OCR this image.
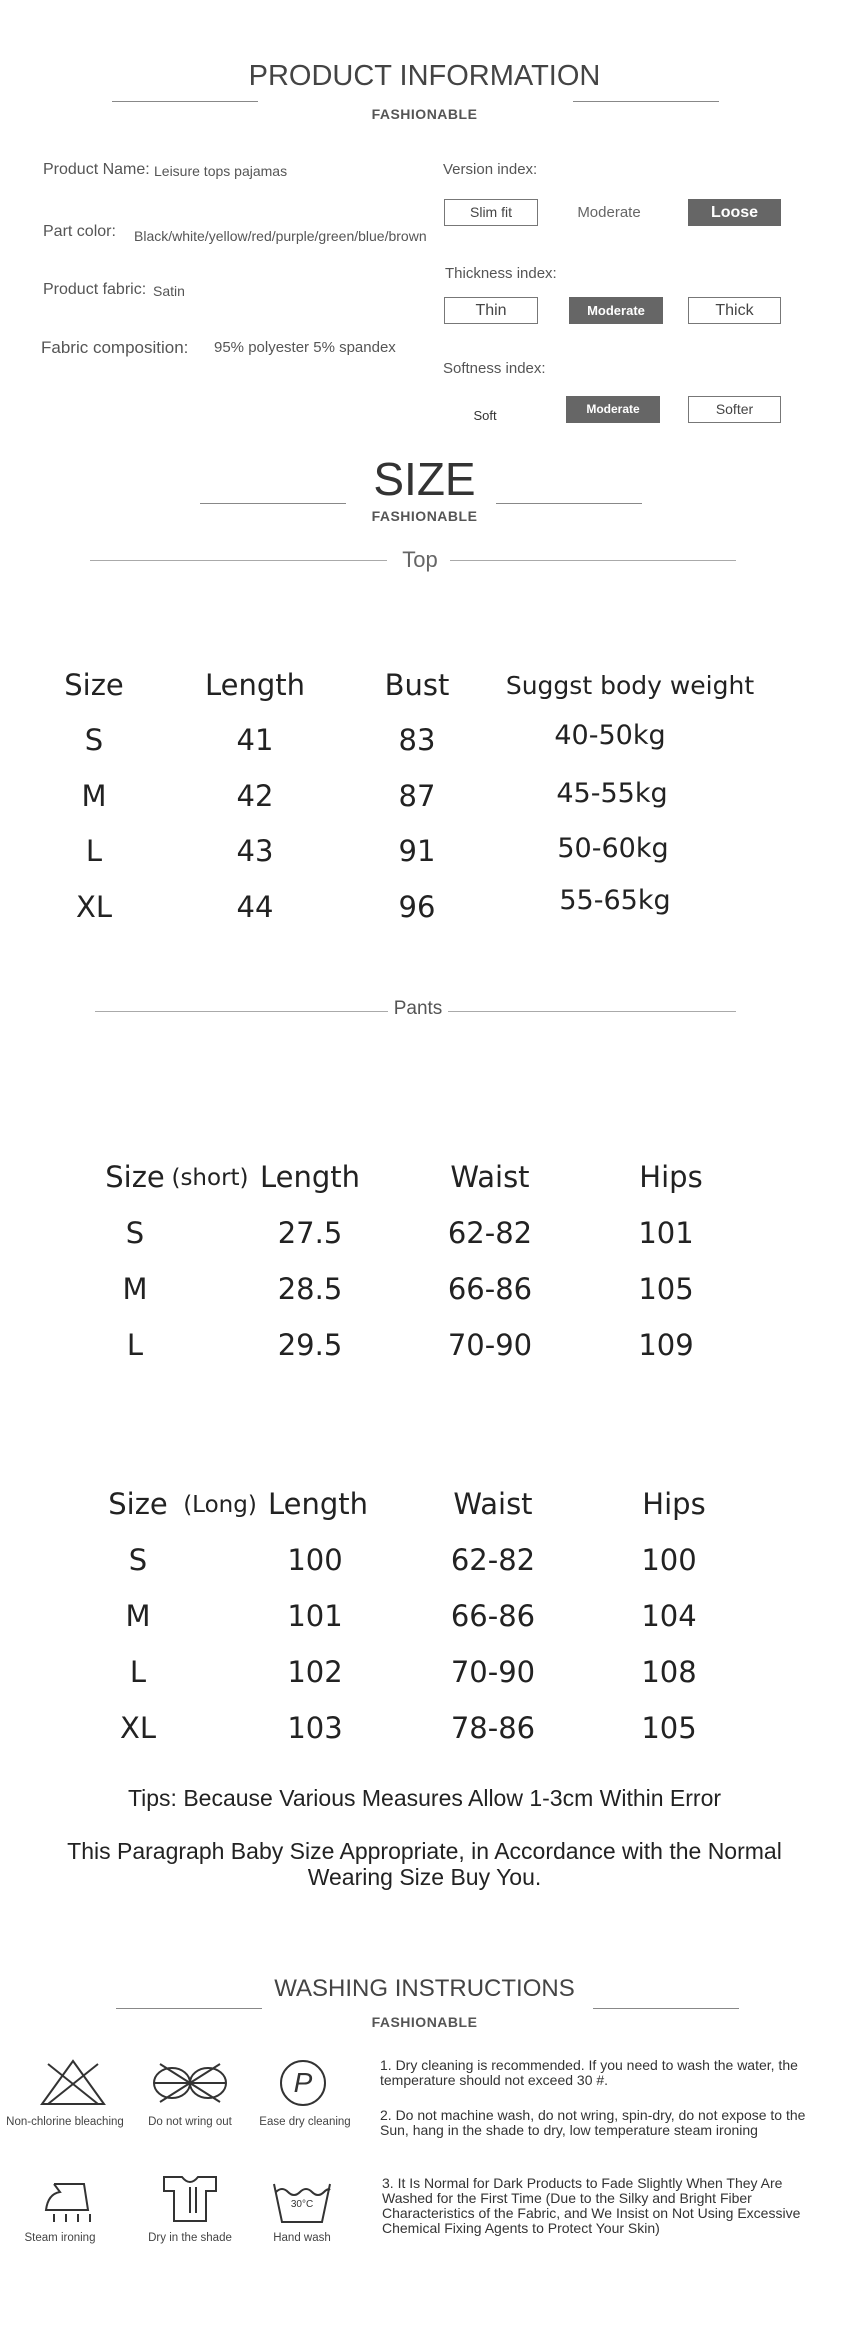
PRODUCT INFORMATION
FASHIONABLE
Product Name: Leisure tops pajamas
Part color: Black/white/yellow/red/purple/green/blue/brown
Product fabric: Satin
Fabric composition: 95% polyester 5% spandex
Version index:
Slim fit	Moderate	Loose
Thickness index:
Thin	Moderate	Thick
Softness index:
Soft	Moderate	Softer
SIZE
FASHIONABLE
Top
Size	Length	Bust	Suggst body weight
S	41	83	40-50kg
M	42	87	45-55kg
L	43	91	50-60kg
XL	44	96	55-65kg
Pants
Size (short) Length	Waist	Hips
S	27.5	62-82	101
M	28.5	66-86	105
L	29.5	70-90	109
Size (Long) Length	Waist	Hips
S	100	62-82	100
M	101	66-86	104
L	102	70-90	108
XL	103	78-86	105
Tips: Because Various Measures Allow 1-3cm Within Error
This Paragraph Baby Size Appropriate, in Accordance with the Normal
Wearing Size Buy You.
WASHING INSTRUCTIONS
FASHIONABLE
Non-chlorine bleaching	Do not wring out
P
Ease dry cleaning
Steam ironing	Dry in the shade
30°C
Hand wash
1. Dry cleaning is recommended. If you need to wash the water, the temperature should not exceed 30 #.
2. Do not machine wash, do not wring, spin-dry, do not expose to the Sun, hang in the shade to dry, low temperature steam ironing
3. It Is Normal for Dark Products to Fade Slightly When They Are Washed for the First Time (Due to the Silky and Bright Fiber Characteristics of the Fabric, and We Insist on Not Using Excessive Chemical Fixing Agents to Protect Your Skin)
